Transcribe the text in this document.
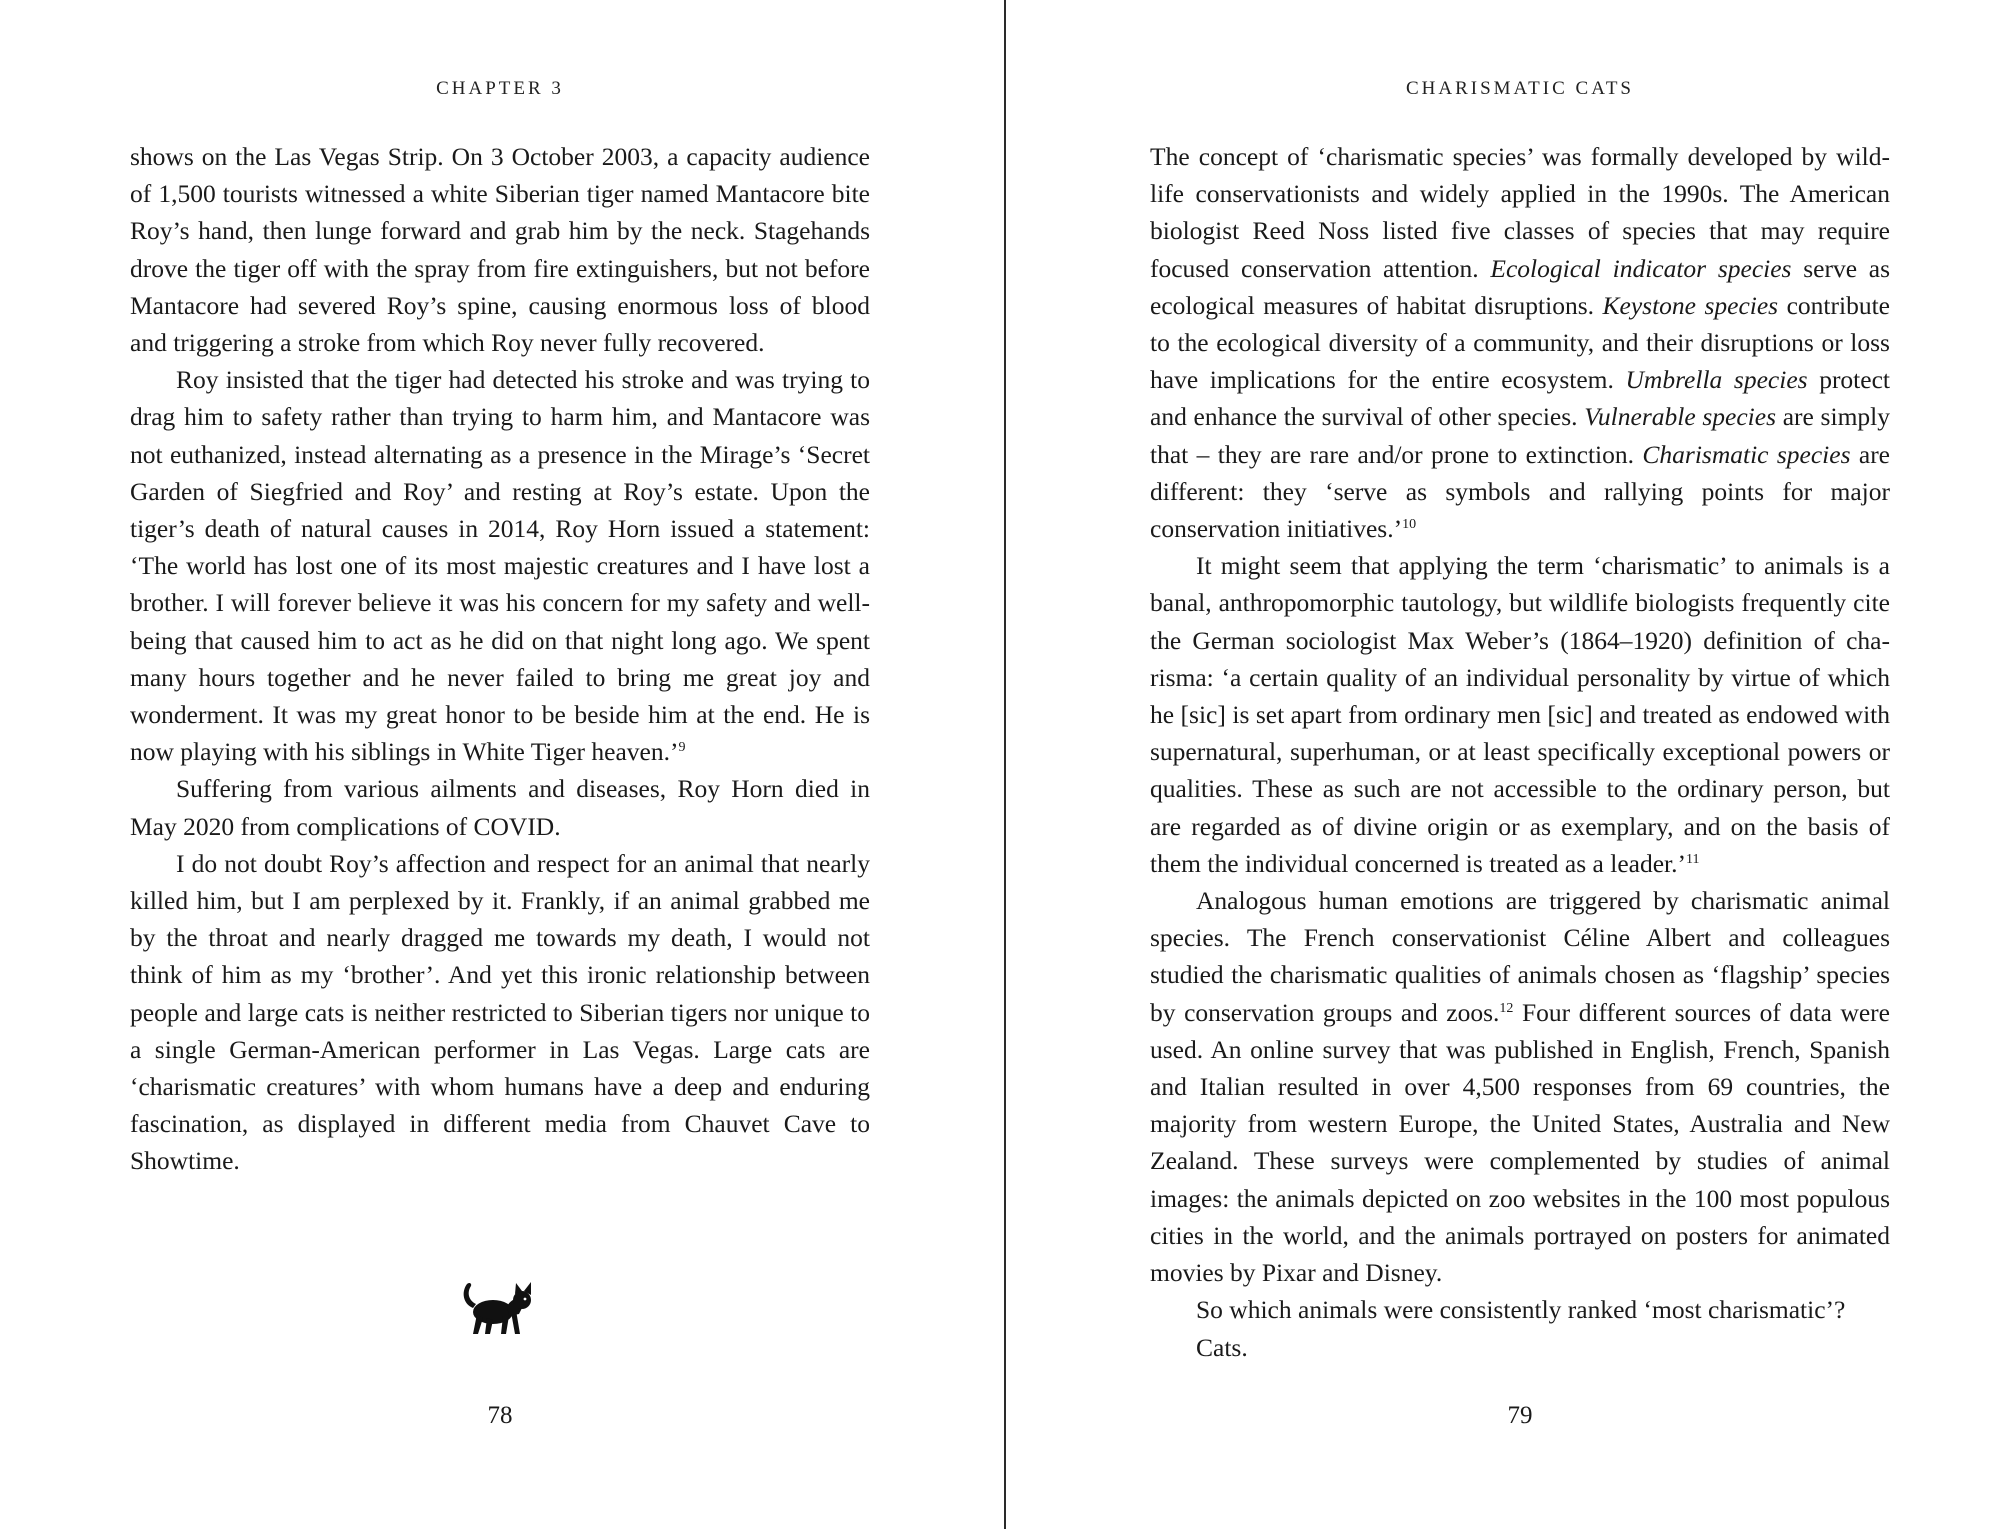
CHAPTER 3

shows on the Las Vegas Strip. On 3 October 2003, a capacity audience of 1,500 tourists witnessed a white Siberian tiger named Mantacore bite Roy’s hand, then lunge forward and grab him by the neck. Stagehands drove the tiger off with the spray from fire extinguishers, but not before Mantacore had severed Roy’s spine, causing enormous loss of blood and triggering a stroke from which Roy never fully recovered.

Roy insisted that the tiger had detected his stroke and was trying to drag him to safety rather than trying to harm him, and Mantacore was not euthanized, instead alternating as a presence in the Mirage’s ‘Secret Garden of Siegfried and Roy’ and resting at Roy’s estate. Upon the tiger’s death of natural causes in 2014, Roy Horn issued a statement: ‘The world has lost one of its most majestic creatures and I have lost a brother. I will forever believe it was his concern for my safety and well-being that caused him to act as he did on that night long ago. We spent many hours together and he never failed to bring me great joy and wonderment. It was my great honor to be beside him at the end. He is now playing with his siblings in White Tiger heaven.’$^9$

Suffering from various ailments and diseases, Roy Horn died in May 2020 from complications of COVID.

I do not doubt Roy’s affection and respect for an animal that nearly killed him, but I am perplexed by it. Frankly, if an animal grabbed me by the throat and nearly dragged me towards my death, I would not think of him as my ‘brother’. And yet this ironic relationship between people and large cats is neither restricted to Siberian tigers nor unique to a single German-American performer in Las Vegas. Large cats are ‘charismatic creatures’ with whom humans have a deep and enduring fascination, as displayed in different media from Chauvet Cave to Showtime.

78
CHARISMATIC CATS

The concept of ‘charismatic species’ was formally developed by wildlife conservationists and widely applied in the 1990s. The American biologist Reed Noss listed five classes of species that may require focused conservation attention. Ecological indicator species serve as ecological measures of habitat disruptions. Keystone species contribute to the ecological diversity of a community, and their disruptions or loss have implications for the entire ecosystem. Umbrella species protect and enhance the survival of other species. Vulnerable species are simply that – they are rare and/or prone to extinction. Charismatic species are different: they ‘serve as symbols and rallying points for major conservation initiatives.’$^{10}$

It might seem that applying the term ‘charismatic’ to animals is a banal, anthropomorphic tautology, but wildlife biologists frequently cite the German sociologist Max Weber’s (1864–1920) definition of charisma: ‘a certain quality of an individual personality by virtue of which he [sic] is set apart from ordinary men [sic] and treated as endowed with supernatural, superhuman, or at least specifically exceptional powers or qualities. These as such are not accessible to the ordinary person, but are regarded as of divine origin or as exemplary, and on the basis of them the individual concerned is treated as a leader.’$^{11}$

Analogous human emotions are triggered by charismatic animal species. The French conservationist Céline Albert and colleagues studied the charismatic qualities of animals chosen as ‘flagship’ species by conservation groups and zoos.$^{12}$ Four different sources of data were used. An online survey that was published in English, French, Spanish and Italian resulted in over 4,500 responses from 69 countries, the majority from western Europe, the United States, Australia and New Zealand. These surveys were complemented by studies of animal images: the animals depicted on zoo websites in the 100 most populous cities in the world, and the animals portrayed on posters for animated movies by Pixar and Disney.

So which animals were consistently ranked ‘most charismatic’?

Cats.

79
